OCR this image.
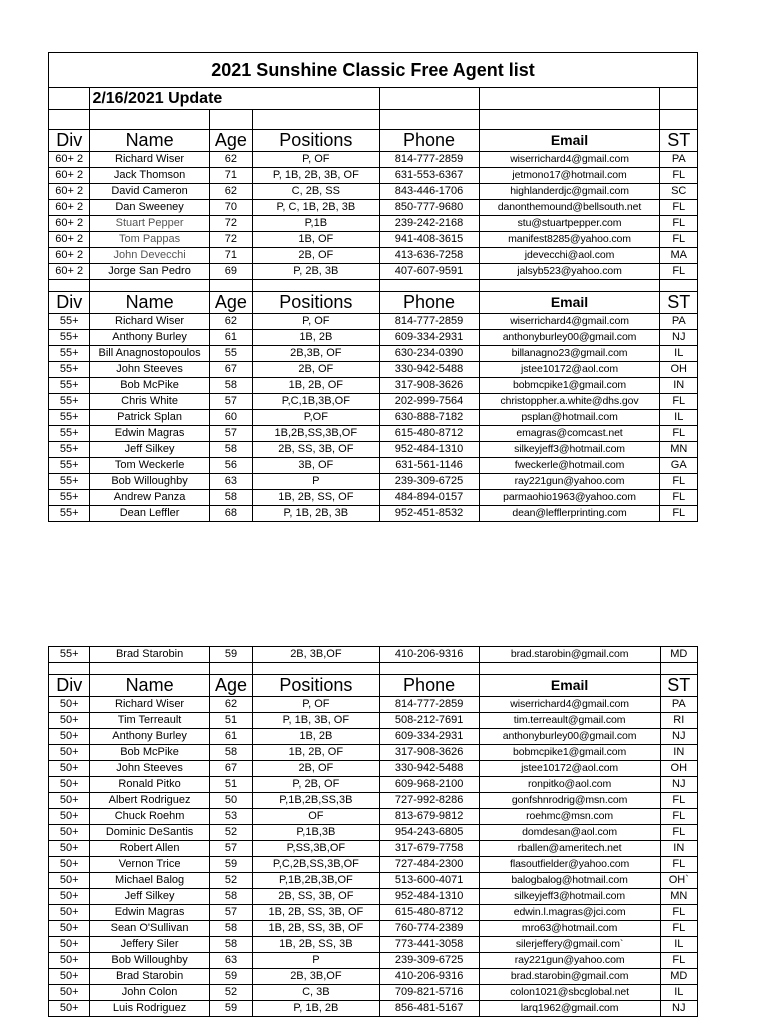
2021 Sunshine Classic Free Agent list						
	2/16/2021 Update					

Div	Name	Age	Positions	Phone	Email	ST
60+ 2	Richard Wiser	62	P, OF	814-777-2859	wiserrichard4@gmail.com	PA
60+ 2	Jack Thomson	71	P, 1B, 2B, 3B, OF	631-553-6367	jetmono17@hotmail.com	FL
60+ 2	David Cameron	62	C, 2B, SS	843-446-1706	highlanderdjc@gmail.com	SC
60+ 2	Dan Sweeney	70	P, C, 1B, 2B, 3B	850-777-9680	danonthemound@bellsouth.net	FL
60+ 2	Stuart Pepper	72	P,1B	239-242-2168	stu@stuartpepper.com	FL
60+ 2	Tom Pappas	72	1B, OF	941-408-3615	manifest8285@yahoo.com	FL
60+ 2	John Devecchi	71	2B, OF	413-636-7258	jdevecchi@aol.com	MA
60+ 2	Jorge San Pedro	69	P, 2B, 3B	407-607-9591	jalsyb523@yahoo.com	FL

Div	Name	Age	Positions	Phone	Email	ST
55+	Richard Wiser	62	P, OF	814-777-2859	wiserrichard4@gmail.com	PA
55+	Anthony Burley	61	1B, 2B	609-334-2931	anthonyburley00@gmail.com	NJ
55+	Bill Anagnostopoulos	55	2B,3B, OF	630-234-0390	billanagno23@gmail.com	IL
55+	John Steeves	67	2B, OF	330-942-5488	jstee10172@aol.com	OH
55+	Bob McPike	58	1B, 2B, OF	317-908-3626	bobmcpike1@gmail.com	IN
55+	Chris White	57	P,C,1B,3B,OF	202-999-7564	christoppher.a.white@dhs.gov	FL
55+	Patrick Splan	60	P,OF	630-888-7182	psplan@hotmail.com	IL
55+	Edwin Magras	57	1B,2B,SS,3B,OF	615-480-8712	emagras@comcast.net	FL
55+	Jeff Silkey	58	2B, SS, 3B, OF	952-484-1310	silkeyjeff3@hotmail.com	MN
55+	Tom Weckerle	56	3B, OF	631-561-1146	fweckerle@hotmail.com	GA
55+	Bob Willoughby	63	P	239-309-6725	ray221gun@yahoo.com	FL
55+	Andrew Panza	58	1B, 2B, SS, OF	484-894-0157	parmaohio1963@yahoo.com	FL
55+	Dean Leffler	68	P, 1B, 2B, 3B	952-451-8532	dean@lefflerprinting.com	FL
55+	Brad Starobin	59	2B, 3B,OF	410-206-9316	brad.starobin@gmail.com	MD

Div	Name	Age	Positions	Phone	Email	ST
50+	Richard Wiser	62	P, OF	814-777-2859	wiserrichard4@gmail.com	PA
50+	Tim Terreault	51	P, 1B, 3B, OF	508-212-7691	tim.terreault@gmail.com	RI
50+	Anthony Burley	61	1B, 2B	609-334-2931	anthonyburley00@gmail.com	NJ
50+	Bob McPike	58	1B, 2B, OF	317-908-3626	bobmcpike1@gmail.com	IN
50+	John Steeves	67	2B, OF	330-942-5488	jstee10172@aol.com	OH
50+	Ronald Pitko	51	P, 2B, OF	609-968-2100	ronpitko@aol.com	NJ
50+	Albert Rodriguez	50	P,1B,2B,SS,3B	727-992-8286	gonfshnrodrig@msn.com	FL
50+	Chuck Roehm	53	OF	813-679-9812	roehmc@msn.com	FL
50+	Dominic DeSantis	52	P,1B,3B	954-243-6805	domdesan@aol.com	FL
50+	Robert Allen	57	P,SS,3B,OF	317-679-7758	rballen@ameritech.net	IN
50+	Vernon Trice	59	P,C,2B,SS,3B,OF	727-484-2300	flasoutfielder@yahoo.com	FL
50+	Michael Balog	52	P,1B,2B,3B,OF	513-600-4071	balogbalog@hotmail.com	OH`
50+	Jeff Silkey	58	2B, SS, 3B, OF	952-484-1310	silkeyjeff3@hotmail.com	MN
50+	Edwin Magras	57	1B, 2B, SS, 3B, OF	615-480-8712	edwin.l.magras@jci.com	FL
50+	Sean O'Sullivan	58	1B, 2B, SS, 3B, OF	760-774-2389	mro63@hotmail.com	FL
50+	Jeffery Siler	58	1B, 2B, SS, 3B	773-441-3058	silerjeffery@gmail.com`	IL
50+	Bob Willoughby	63	P	239-309-6725	ray221gun@yahoo.com	FL
50+	Brad Starobin	59	2B, 3B,OF	410-206-9316	brad.starobin@gmail.com	MD
50+	John Colon	52	C, 3B	709-821-5716	colon1021@sbcglobal.net	IL
50+	Luis Rodriguez	59	P, 1B, 2B	856-481-5167	larq1962@gmail.com	NJ
